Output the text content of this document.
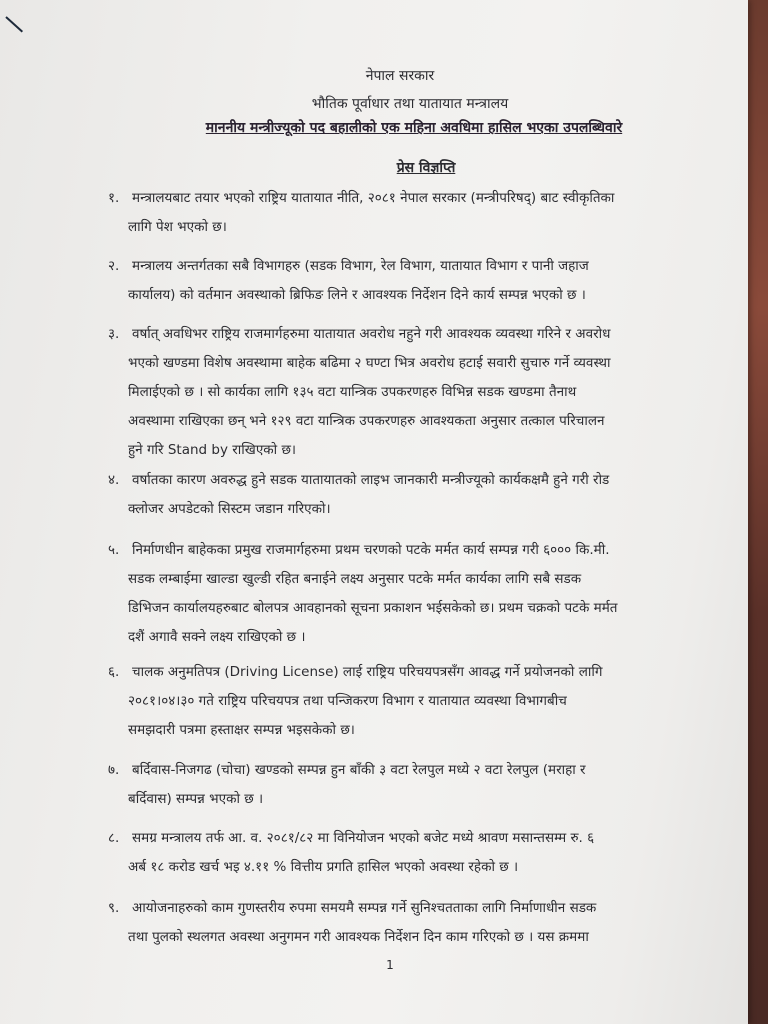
नेपाल सरकार
भौतिक पूर्वाधार तथा यातायात मन्त्रालय
माननीय मन्त्रीज्यूको पद बहालीको एक महिना अवधिमा हासिल भएका उपलब्धिवारे
प्रेस विज्ञप्ति
१. मन्त्रालयबाट तयार भएको राष्ट्रिय यातायात नीति, २०८१ नेपाल सरकार (मन्त्रीपरिषद्) बाट स्वीकृतिका
लागि पेश भएको छ।
२. मन्त्रालय अन्तर्गतका सबै विभागहरु (सडक विभाग, रेल विभाग, यातायात विभाग र पानी जहाज
कार्यालय) को वर्तमान अवस्थाको ब्रिफिङ लिने र आवश्यक निर्देशन दिने कार्य सम्पन्न भएको छ ।
३. वर्षात् अवधिभर राष्ट्रिय राजमार्गहरुमा यातायात अवरोध नहुने गरी आवश्यक व्यवस्था गरिने र अवरोध
भएको खण्डमा विशेष अवस्थामा बाहेक बढिमा २ घण्टा भित्र अवरोध हटाई सवारी सुचारु गर्ने व्यवस्था
मिलाईएको छ । सो कार्यका लागि १३५ वटा यान्त्रिक उपकरणहरु विभिन्न सडक खण्डमा तैनाथ
अवस्थामा राखिएका छन् भने १२९ वटा यान्त्रिक उपकरणहरु आवश्यकता अनुसार तत्काल परिचालन
हुने गरि Stand by राखिएको छ।
४. वर्षातका कारण अवरुद्ध हुने सडक यातायातको लाइभ जानकारी मन्त्रीज्यूको कार्यकक्षमै हुने गरी रोड
क्लोजर अपडेटको सिस्टम जडान गरिएको।
५. निर्माणधीन बाहेकका प्रमुख राजमार्गहरुमा प्रथम चरणको पटके मर्मत कार्य सम्पन्न गरी ६००० कि.मी.
सडक लम्बाईमा खाल्डा खुल्डी रहित बनाईने लक्ष्य अनुसार पटके मर्मत कार्यका लागि सबै सडक
डिभिजन कार्यालयहरुबाट बोलपत्र आवहानको सूचना प्रकाशन भईसकेको छ। प्रथम चक्रको पटके मर्मत
दशैं अगावै सक्ने लक्ष्य राखिएको छ ।
६. चालक अनुमतिपत्र (Driving License) लाई राष्ट्रिय परिचयपत्रसँग आवद्ध गर्ने प्रयोजनको लागि
२०८१।०४।३० गते राष्ट्रिय परिचयपत्र तथा पन्जिकरण विभाग र यातायात व्यवस्था विभागबीच
समझदारी पत्रमा हस्ताक्षर सम्पन्न भइसकेको छ।
७. बर्दिवास-निजगढ (चोचा) खण्डको सम्पन्न हुन बाँकी ३ वटा रेलपुल मध्ये २ वटा रेलपुल (मराहा र
बर्दिवास) सम्पन्न भएको छ ।
८. समग्र मन्त्रालय तर्फ आ. व. २०८१/८२ मा विनियोजन भएको बजेट मध्ये श्रावण मसान्तसम्म रु. ६
अर्ब १८ करोड खर्च भइ ४.११ % वित्तीय प्रगति हासिल भएको अवस्था रहेको छ ।
९. आयोजनाहरुको काम गुणस्तरीय रुपमा समयमै सम्पन्न गर्ने सुनिश्चतताका लागि निर्माणाधीन सडक
तथा पुलको स्थलगत अवस्था अनुगमन गरी आवश्यक निर्देशन दिन काम गरिएको छ । यस क्रममा
1
